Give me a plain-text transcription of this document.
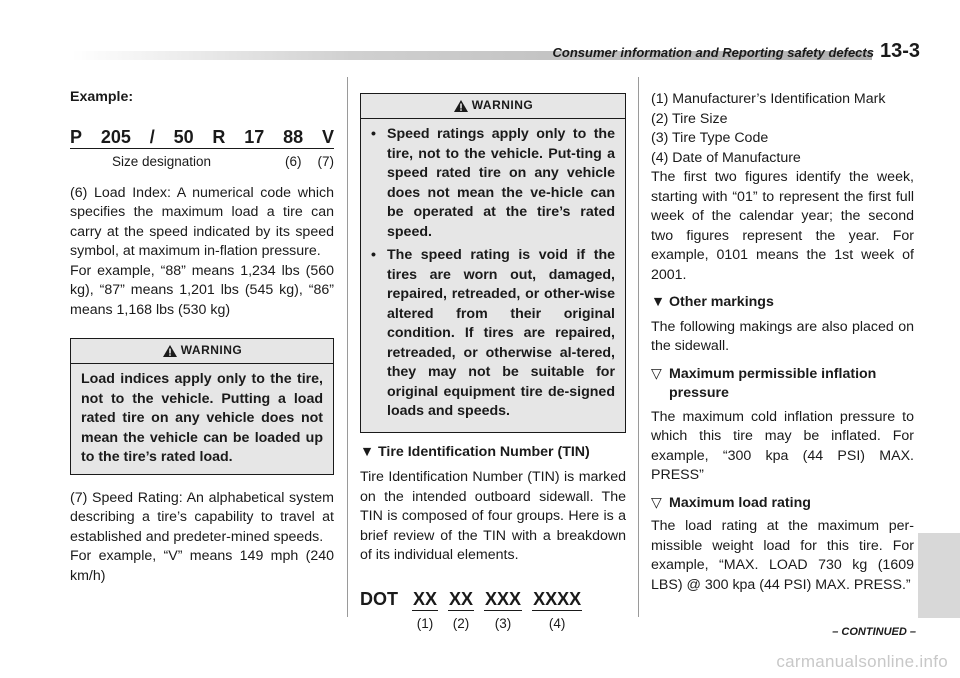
Consumer information and Reporting safety defects 13-3

Example:

P 205 / 50 R 17 88 V
Size designation	(6) (7)

(6) Load Index: A numerical code which specifies the maximum load a tire can carry at the speed indicated by its speed symbol, at maximum in-flation pressure.

For example, “88” means 1,234 lbs (560 kg), “87” means 1,201 lbs (545 kg), “86” means 1,168 lbs (530 kg)

WARNING
Load indices apply only to the tire, not to the vehicle. Putting a load rated tire on any vehicle does not mean the vehicle can be loaded up to the tire’s rated load.

(7) Speed Rating: An alphabetical system describing a tire’s capability to travel at established and predeter-mined speeds.

For example, “V” means 149 mph (240 km/h)

WARNING
• Speed ratings apply only to the tire, not to the vehicle. Put-ting a speed rated tire on any vehicle does not mean the ve-hicle can be operated at the tire’s rated speed.
• The speed rating is void if the tires are worn out, damaged, repaired, retreaded, or other-wise altered from their original condition. If tires are repaired, retreaded, or otherwise al-tered, they may not be suitable for original equipment tire de-signed loads and speeds.

▼ Tire Identification Number (TIN)

Tire Identification Number (TIN) is marked on the intended outboard sidewall. The TIN is composed of four groups. Here is a brief review of the TIN with a breakdown of its individual elements.

DOT XX
(1)
XX
(2)
XXX
(3)
XXXX
(4)

(1) Manufacturer’s Identification Mark

(2) Tire Size

(3) Tire Type Code

(4) Date of Manufacture

The first two figures identify the week, starting with “01” to represent the first full week of the calendar year; the second two figures represent the year. For example, 0101 means the 1st week of 2001.

▼ Other markings

The following makings are also placed on the sidewall.

▽ Maximum permissible inflation pressure

The maximum cold inflation pressure to which this tire may be inflated. For example, “300 kpa (44 PSI) MAX. PRESS”

▽ Maximum load rating

The load rating at the maximum per-missible weight load for this tire. For example, “MAX. LOAD 730 kg (1609 LBS) @ 300 kpa (44 PSI) MAX. PRESS.”

– CONTINUED –
carmanualsonline.info
